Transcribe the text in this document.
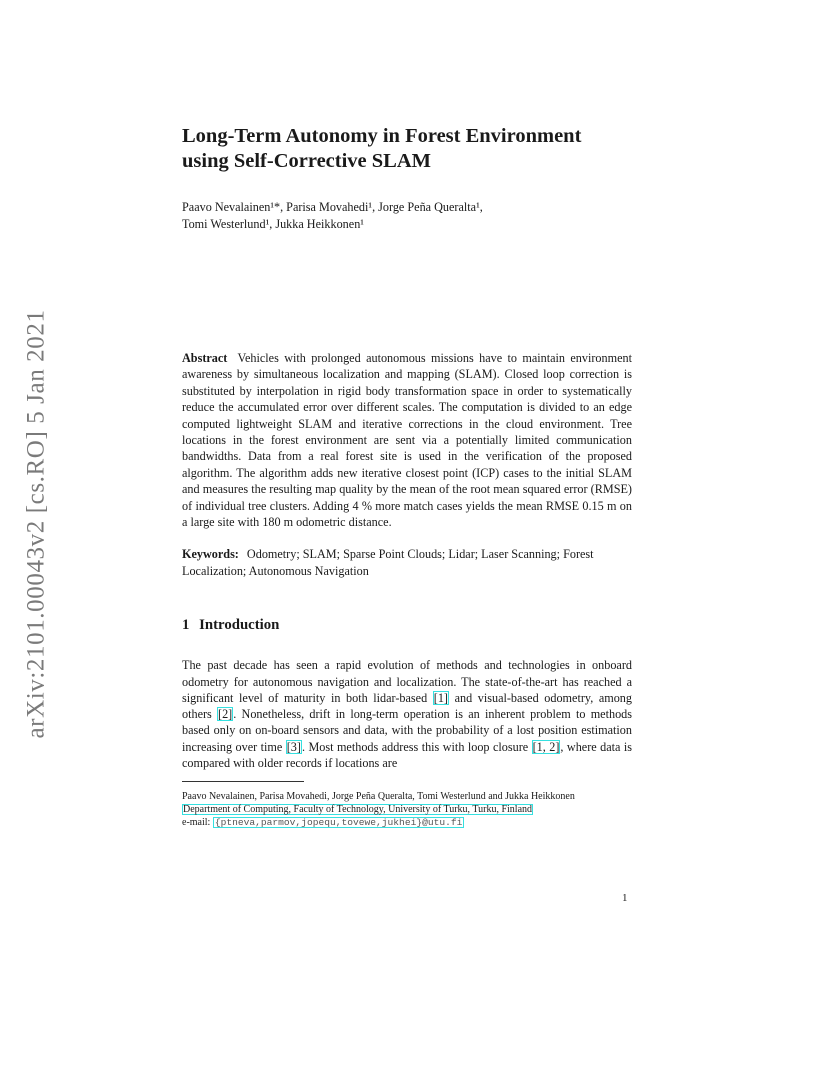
arXiv:2101.00043v2 [cs.RO] 5 Jan 2021
Long-Term Autonomy in Forest Environment
using Self-Corrective SLAM
Paavo Nevalainen¹*, Parisa Movahedi¹, Jorge Peña Queralta¹,
Tomi Westerlund¹, Jukka Heikkonen¹
Abstract Vehicles with prolonged autonomous missions have to maintain environment awareness by simultaneous localization and mapping (SLAM). Closed loop correction is substituted by interpolation in rigid body transformation space in order to systematically reduce the accumulated error over different scales. The computation is divided to an edge computed lightweight SLAM and iterative corrections in the cloud environment. Tree locations in the forest environment are sent via a potentially limited communication bandwidths. Data from a real forest site is used in the verification of the proposed algorithm. The algorithm adds new iterative closest point (ICP) cases to the initial SLAM and measures the resulting map quality by the mean of the root mean squared error (RMSE) of individual tree clusters. Adding 4 % more match cases yields the mean RMSE 0.15 m on a large site with 180 m odometric distance.
Keywords: Odometry; SLAM; Sparse Point Clouds; Lidar; Laser Scanning; Forest Localization; Autonomous Navigation
1 Introduction
The past decade has seen a rapid evolution of methods and technologies in onboard odometry for autonomous navigation and localization. The state-of-the-art has reached a significant level of maturity in both lidar-based [1] and visual-based odometry, among others [2]. Nonetheless, drift in long-term operation is an inherent problem to methods based only on on-board sensors and data, with the probability of a lost position estimation increasing over time [3]. Most methods address this with loop closure [1, 2], where data is compared with older records if locations are
Paavo Nevalainen, Parisa Movahedi, Jorge Peña Queralta, Tomi Westerlund and Jukka Heikkonen
Department of Computing, Faculty of Technology, University of Turku, Turku, Finland
e-mail: {ptneva,parmov,jopequ,tovewe,jukhei}@utu.fi
1
